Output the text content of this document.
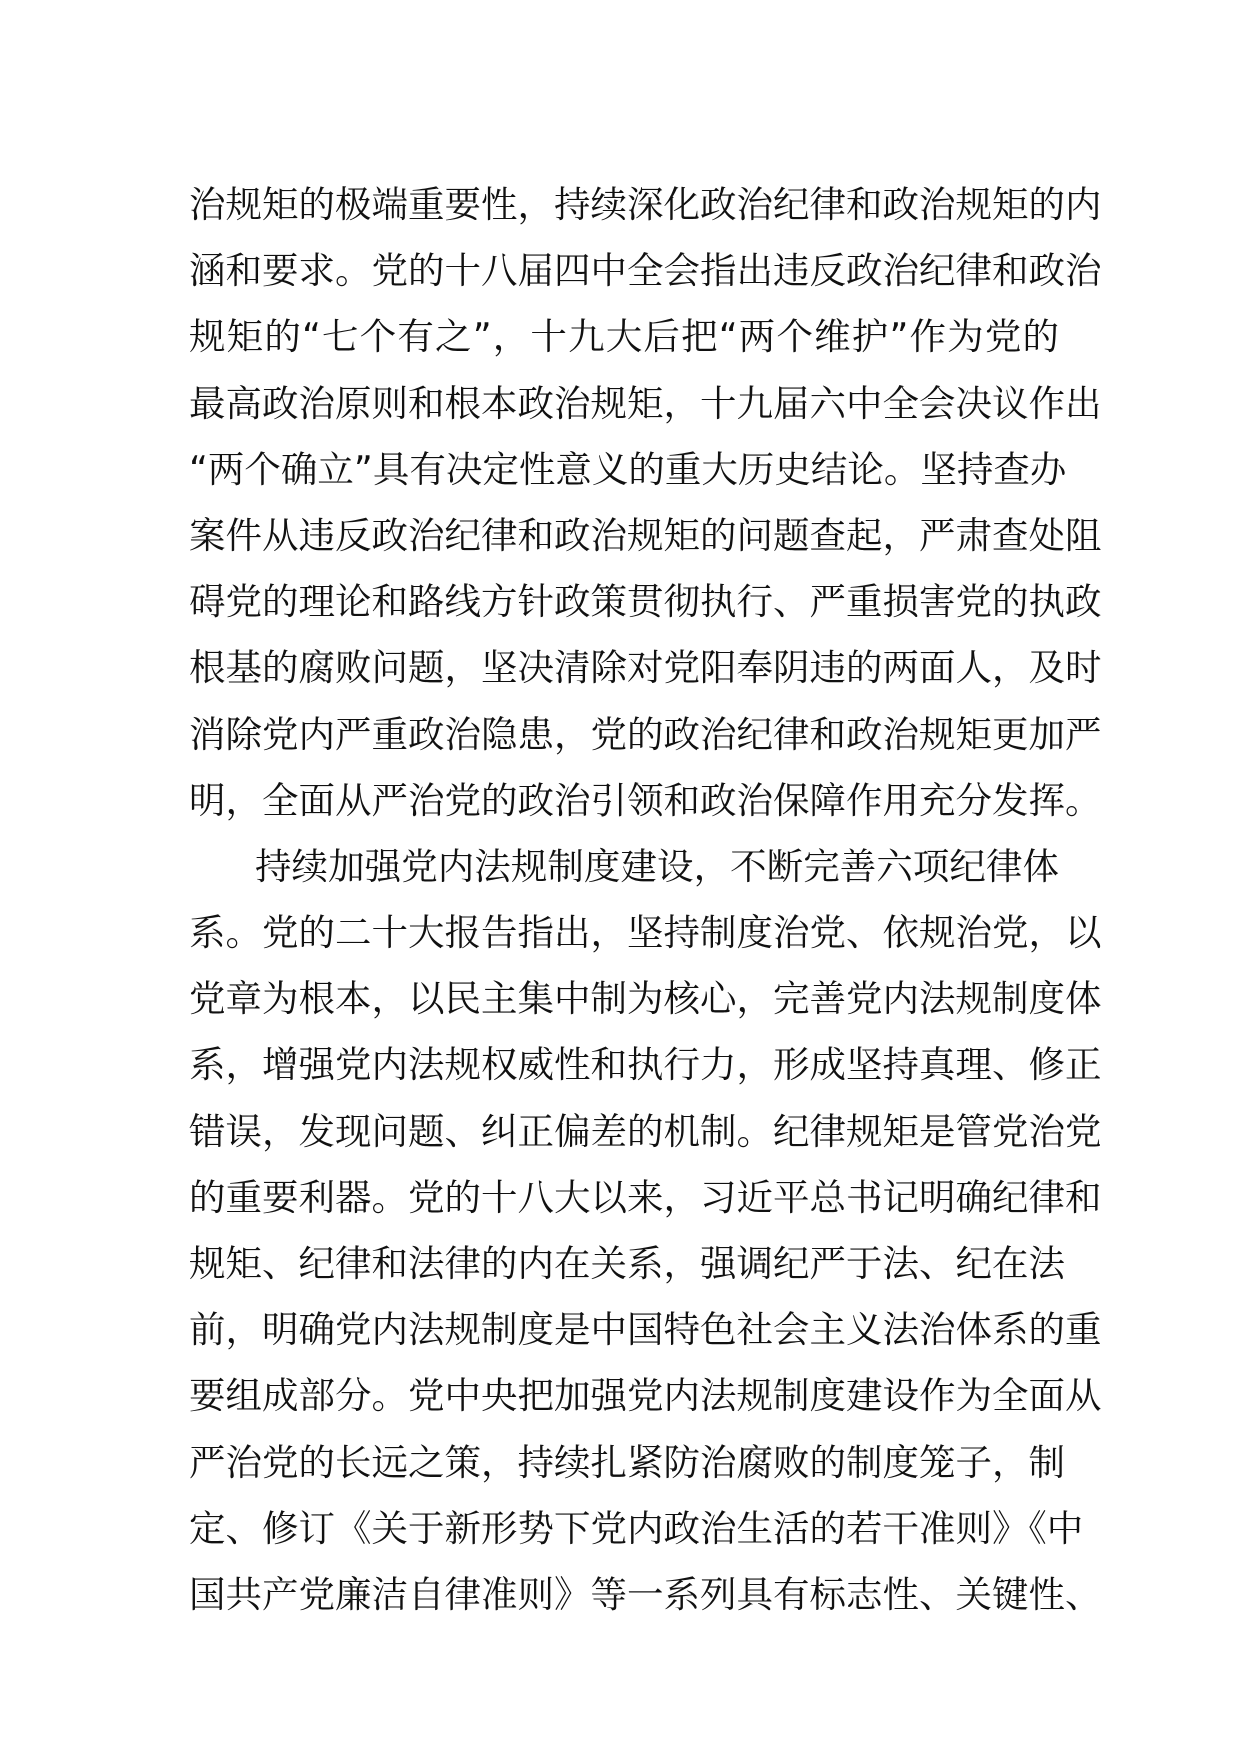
治规矩的极端重要性，持续深化政治纪律和政治规矩的内
涵和要求。党的十八届四中全会指出违反政治纪律和政治
规矩的“七个有之”，十九大后把“两个维护”作为党的
最高政治原则和根本政治规矩，十九届六中全会决议作出
“两个确立”具有决定性意义的重大历史结论。坚持查办
案件从违反政治纪律和政治规矩的问题查起，严肃查处阻
碍党的理论和路线方针政策贯彻执行、严重损害党的执政
根基的腐败问题，坚决清除对党阳奉阴违的两面人，及时
消除党内严重政治隐患，党的政治纪律和政治规矩更加严
明，全面从严治党的政治引领和政治保障作用充分发挥。
持续加强党内法规制度建设，不断完善六项纪律体
系。党的二十大报告指出，坚持制度治党、依规治党，以
党章为根本，以民主集中制为核心，完善党内法规制度体
系，增强党内法规权威性和执行力，形成坚持真理、修正
错误，发现问题、纠正偏差的机制。纪律规矩是管党治党
的重要利器。党的十八大以来，习近平总书记明确纪律和
规矩、纪律和法律的内在关系，强调纪严于法、纪在法
前，明确党内法规制度是中国特色社会主义法治体系的重
要组成部分。党中央把加强党内法规制度建设作为全面从
严治党的长远之策，持续扎紧防治腐败的制度笼子，制
定、修订《关于新形势下党内政治生活的若干准则》《中
国共产党廉洁自律准则》等一系列具有标志性、关键性、
